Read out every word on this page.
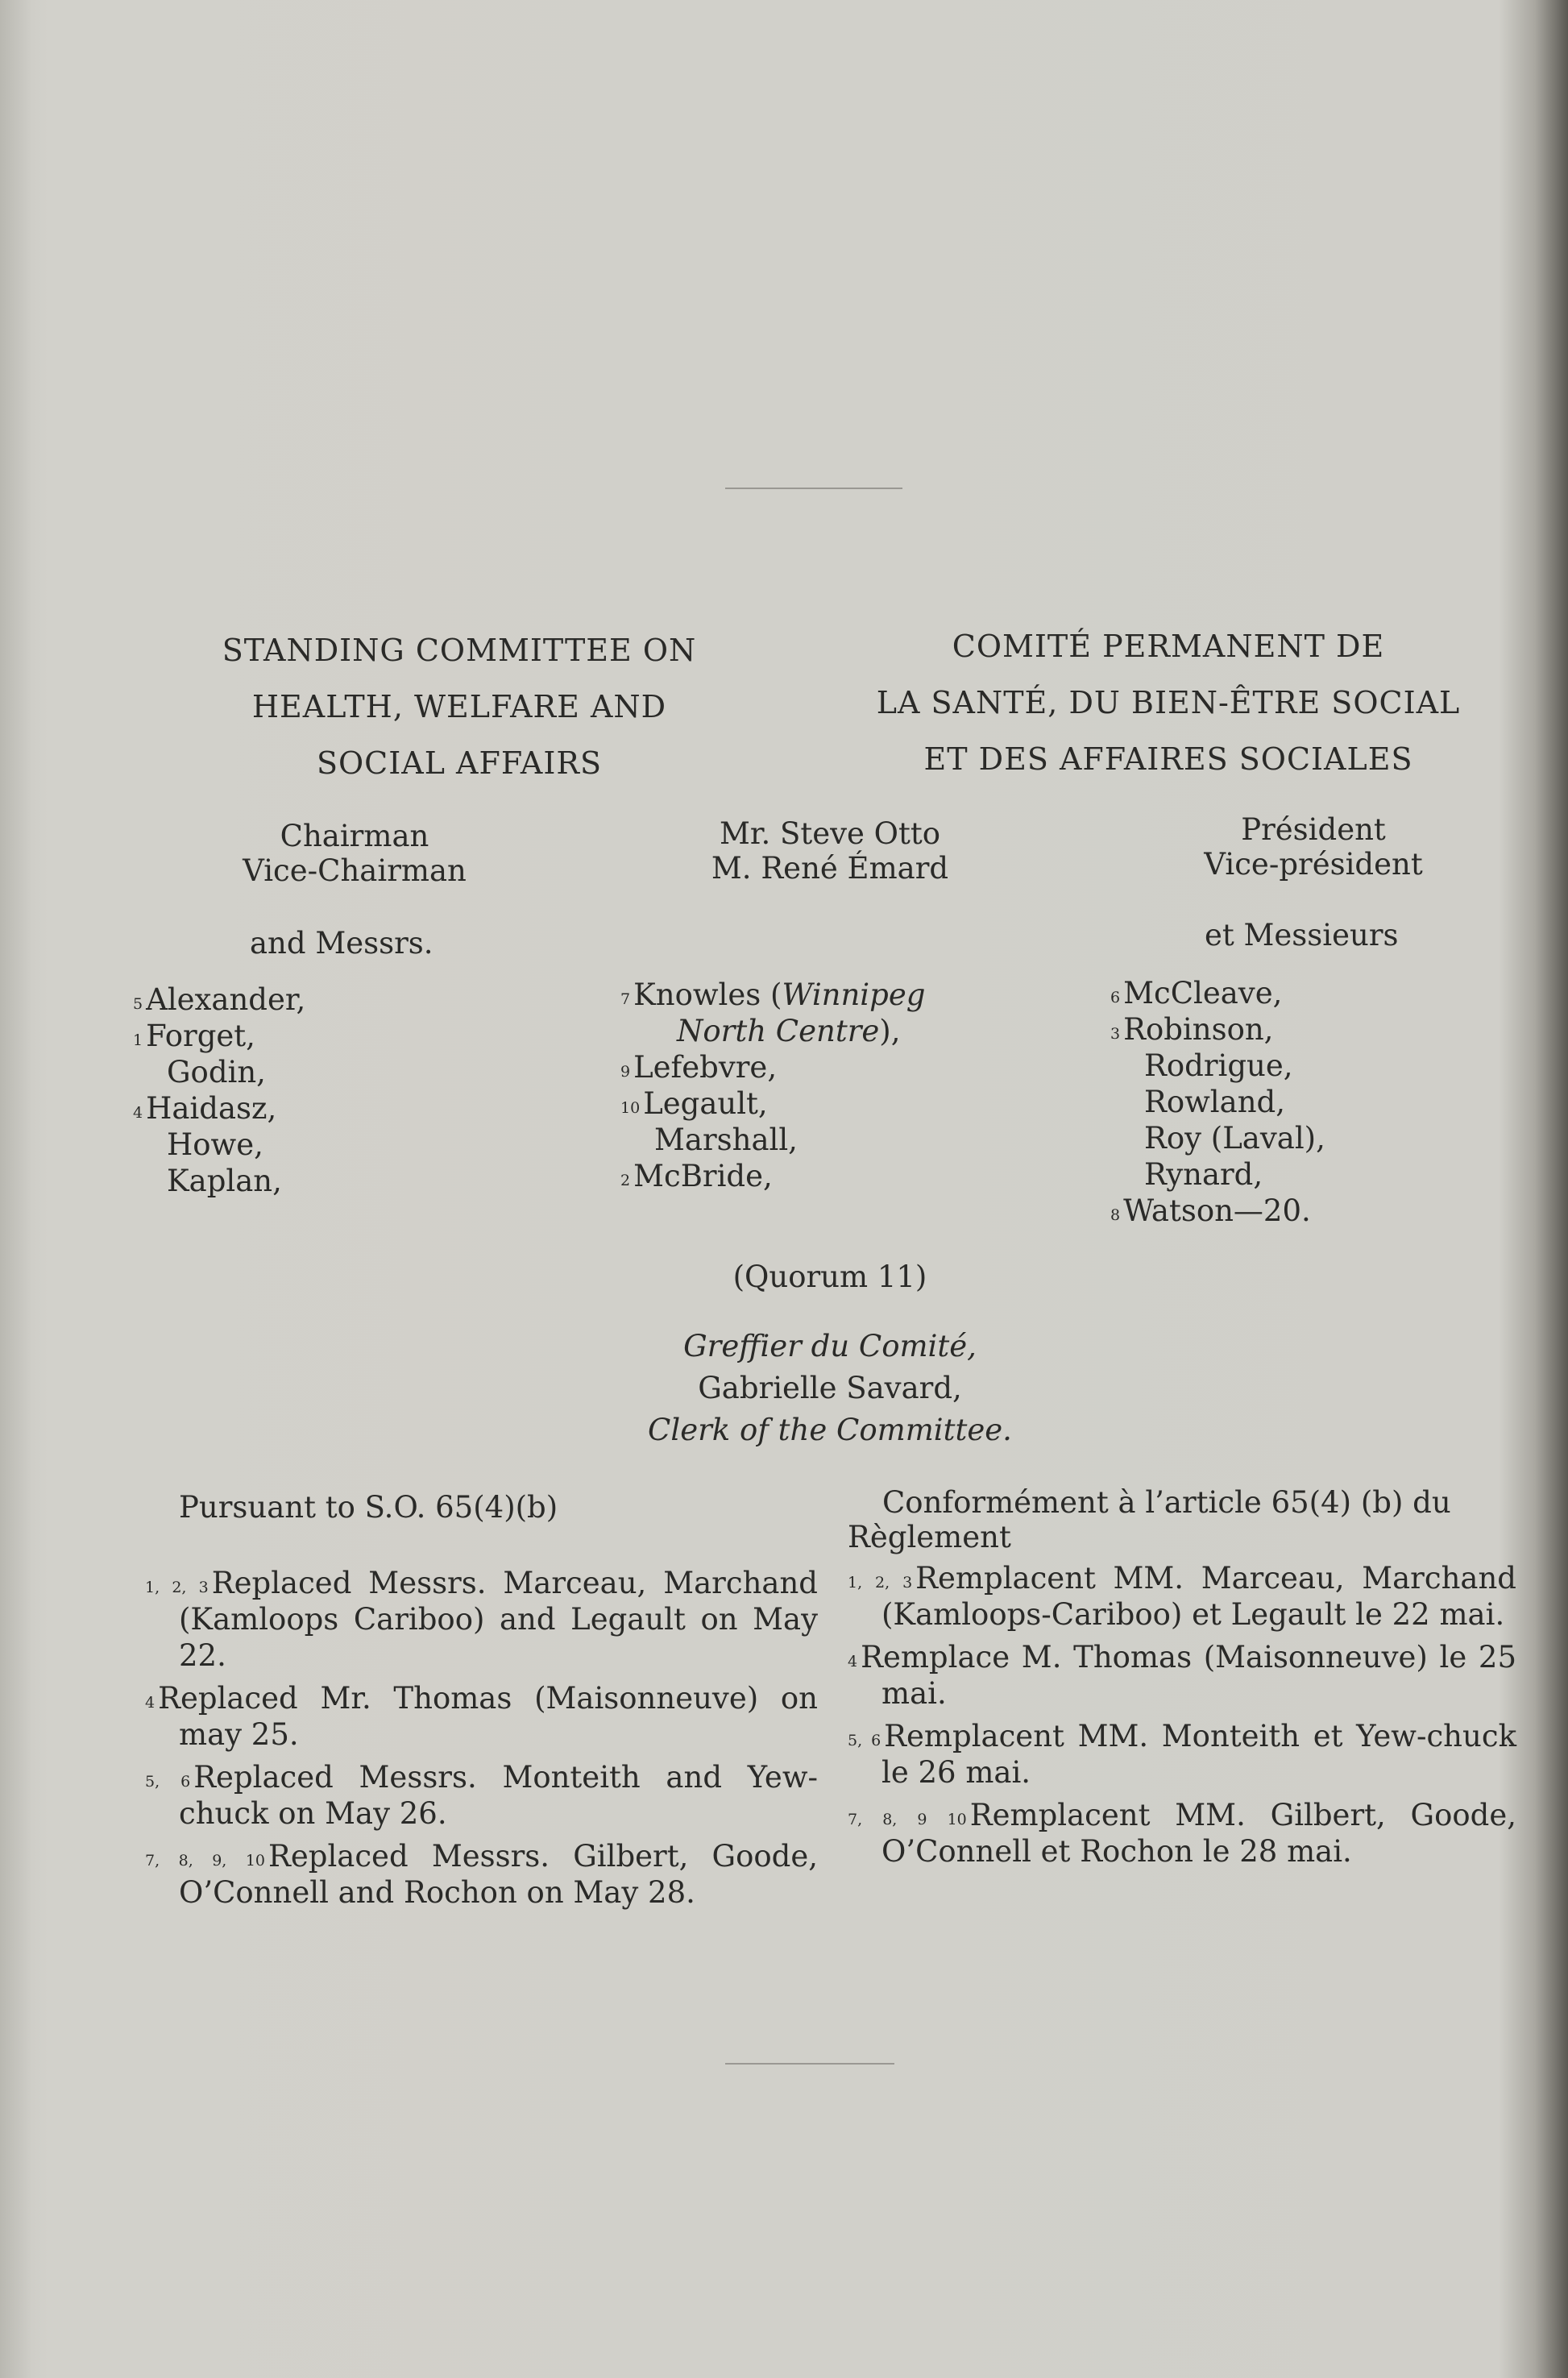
STANDING COMMITTEE ON
HEALTH, WELFARE AND
SOCIAL AFFAIRS
COMITÉ PERMANENT DE
LA SANTÉ, DU BIEN-ÊTRE SOCIAL
ET DES AFFAIRES SOCIALES
Chairman
Vice-Chairman
Mr. Steve Otto
M. René Émard
Président
Vice-président
and Messrs.	et Messieurs
$^5$ Alexander,
$^1$ Forget,
Godin,
$^4$ Haidasz,
Howe,
Kaplan,
$^7$ Knowles (Winnipeg
North Centre),
$^9$ Lefebvre,
$^{10}$ Legault,
Marshall,
$^2$ McBride,
$^6$ McCleave,
$^3$ Robinson,
Rodrigue,
Rowland,
Roy (Laval),
Rynard,
$^8$ Watson—20.
(Quorum 11)
Greffier du Comité,
Gabrielle Savard,
Clerk of the Committee.
Pursuant to S.O. 65(4)(b)	Conformément à l’article 65(4) (b) du
Règlement

$^{1, 2, 3}$ Replaced Messrs. Marceau, Marchand (Kamloops Cariboo) and Legault on May 22.

$^4$ Replaced Mr. Thomas (Maisonneuve) on may 25.

$^{5, 6}$ Replaced Messrs. Monteith and Yew-chuck on May 26.

$^{7, 8, 9, 10}$ Replaced Messrs. Gilbert, Goode, O’Connell and Rochon on May 28.

$^{1, 2, 3}$ Remplacent MM. Marceau, Marchand (Kamloops-Cariboo) et Legault le 22 mai.

$^4$ Remplace M. Thomas (Maisonneuve) le 25 mai.

$^{5, 6}$ Remplacent MM. Monteith et Yew-chuck le 26 mai.

$^{7, 8, 9 10}$ Remplacent MM. Gilbert, Goode, O’Connell et Rochon le 28 mai.
